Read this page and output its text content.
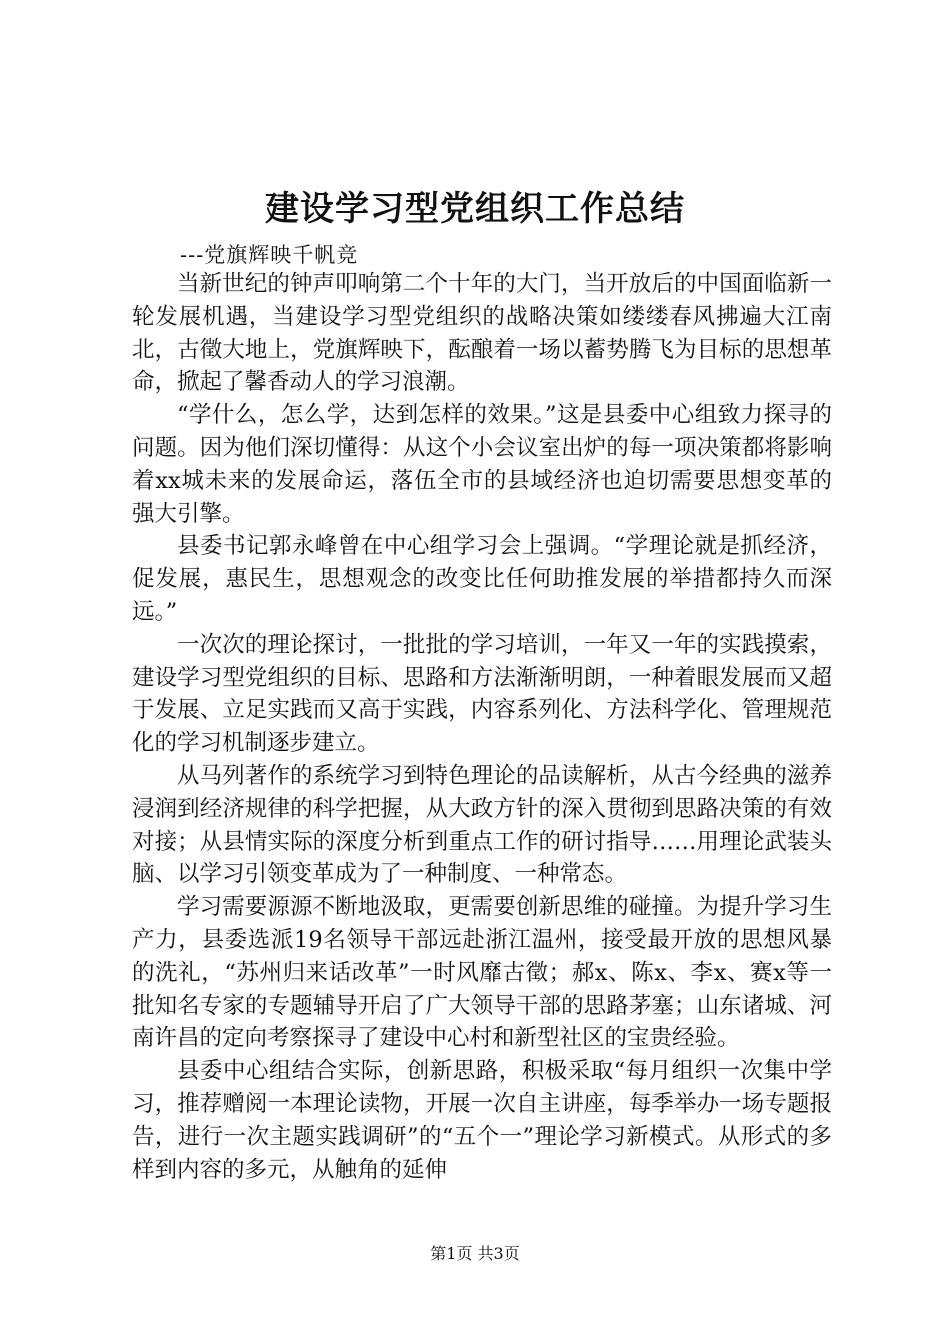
建设学习型党组织工作总结
---党旗辉映千帆竞

当新世纪的钟声叩响第二个十年的大门，当开放后的中国面临新一轮发展机遇，当建设学习型党组织的战略决策如缕缕春风拂遍大江南北，古徵大地上，党旗辉映下，酝酿着一场以蓄势腾飞为目标的思想革命，掀起了馨香动人的学习浪潮。

“学什么，怎么学，达到怎样的效果。”这是县委中心组致力探寻的问题。因为他们深切懂得：从这个小会议室出炉的每一项决策都将影响着xx城未来的发展命运，落伍全市的县域经济也迫切需要思想变革的强大引擎。

县委书记郭永峰曾在中心组学习会上强调。“学理论就是抓经济，促发展，惠民生，思想观念的改变比任何助推发展的举措都持久而深远。”

一次次的理论探讨，一批批的学习培训，一年又一年的实践摸索，建设学习型党组织的目标、思路和方法渐渐明朗，一种着眼发展而又超于发展、立足实践而又高于实践，内容系列化、方法科学化、管理规范化的学习机制逐步建立。

从马列著作的系统学习到特色理论的品读解析，从古今经典的滋养浸润到经济规律的科学把握，从大政方针的深入贯彻到思路决策的有效对接；从县情实际的深度分析到重点工作的研讨指导……用理论武装头脑、以学习引领变革成为了一种制度、一种常态。

学习需要源源不断地汲取，更需要创新思维的碰撞。为提升学习生产力，县委选派19名领导干部远赴浙江温州，接受最开放的思想风暴的洗礼，“苏州归来话改革”一时风靡古徵；郝x、陈x、李x、赛x等一批知名专家的专题辅导开启了广大领导干部的思路茅塞；山东诸城、河南许昌的定向考察探寻了建设中心村和新型社区的宝贵经验。

县委中心组结合实际，创新思路，积极采取“每月组织一次集中学习，推荐赠阅一本理论读物，开展一次自主讲座，每季举办一场专题报告，进行一次主题实践调研”的“五个一”理论学习新模式。从形式的多样到内容的多元，从触角的延伸

第1页 共3页
